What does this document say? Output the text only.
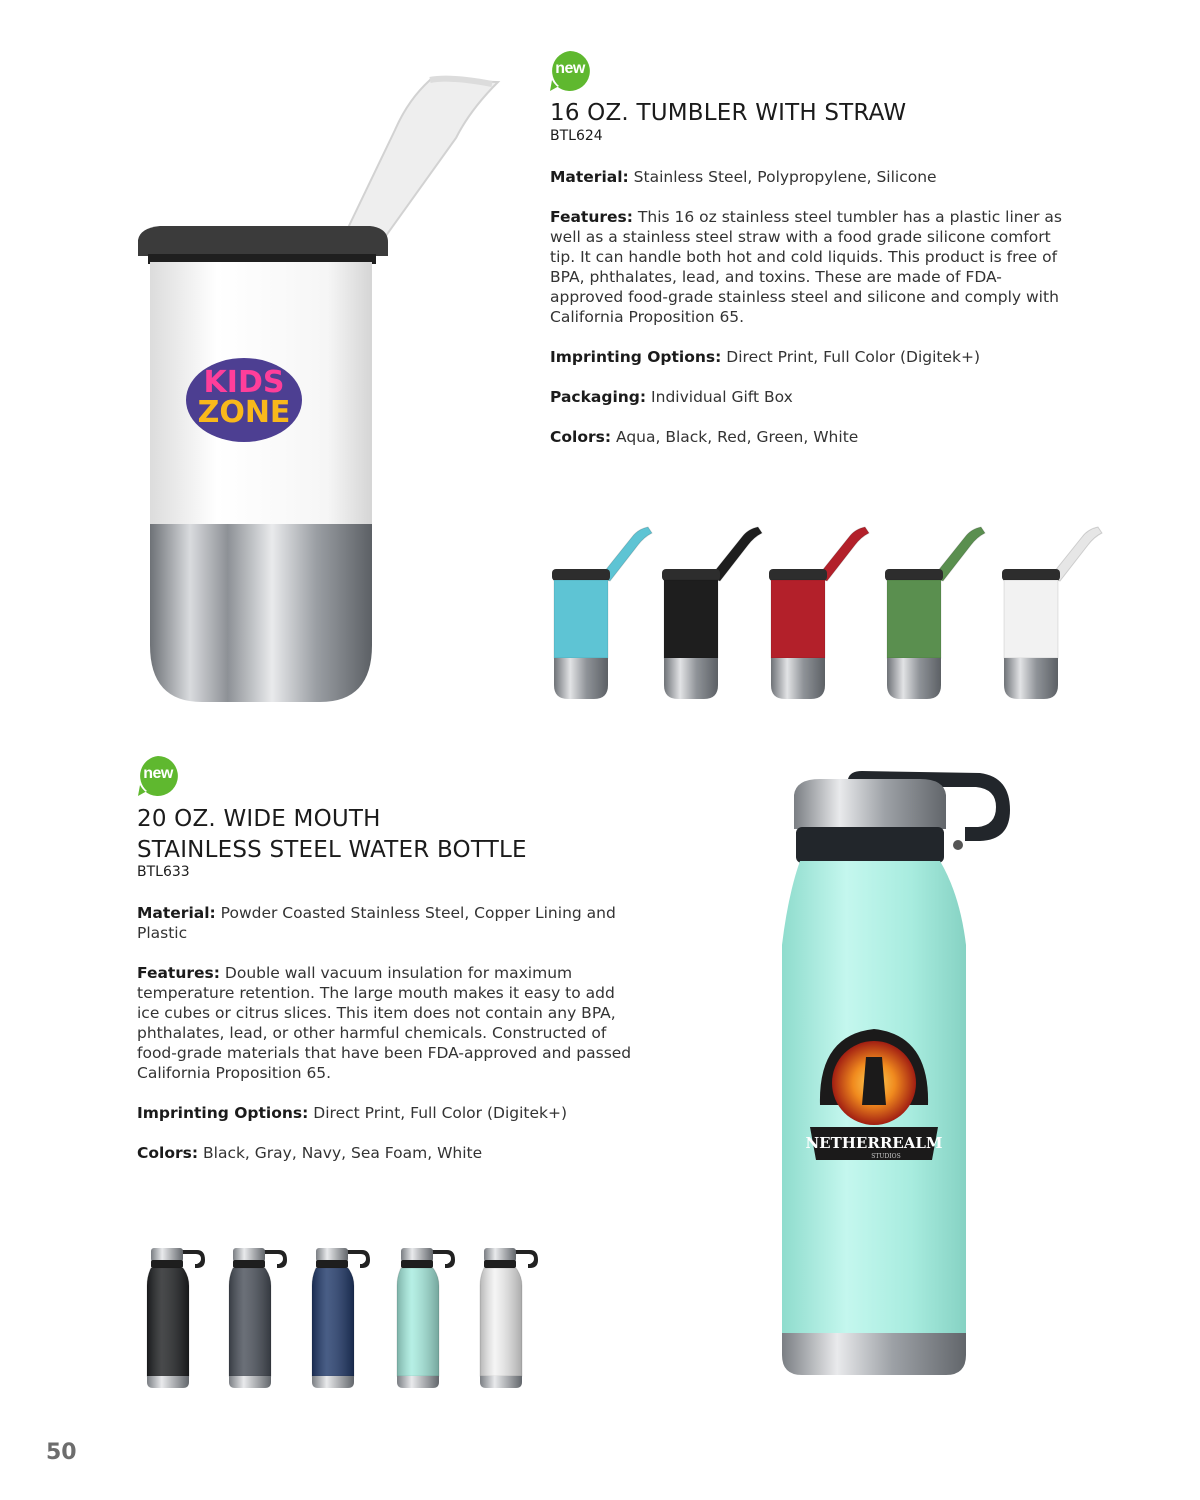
KIDS
ZONE
new
16 OZ. TUMBLER WITH STRAW
BTL624
Material: Stainless Steel, Polypropylene, Silicone
Features: This 16 oz stainless steel tumbler has a plastic liner as well as a stainless steel straw with a food grade silicone comfort tip. It can handle both hot and cold liquids. This product is free of BPA, phthalates, lead, and toxins. These are made of FDA-approved food-grade stainless steel and silicone and comply with California Proposition 65.
Imprinting Options: Direct Print, Full Color (Digitek+)
Packaging: Individual Gift Box
Colors: Aqua, Black, Red, Green, White
new
20 OZ. WIDE MOUTH
STAINLESS STEEL WATER BOTTLE
BTL633
Material: Powder Coasted Stainless Steel, Copper Lining and Plastic
Features: Double wall vacuum insulation for maximum temperature retention. The large mouth makes it easy to add ice cubes or citrus slices. This item does not contain any BPA, phthalates, lead, or other harmful chemicals. Constructed of food-grade materials that have been FDA-approved and passed California Proposition 65.
Imprinting Options: Direct Print, Full Color (Digitek+)
Colors: Black, Gray, Navy, Sea Foam, White
NETHERREALM
STUDIOS
50
